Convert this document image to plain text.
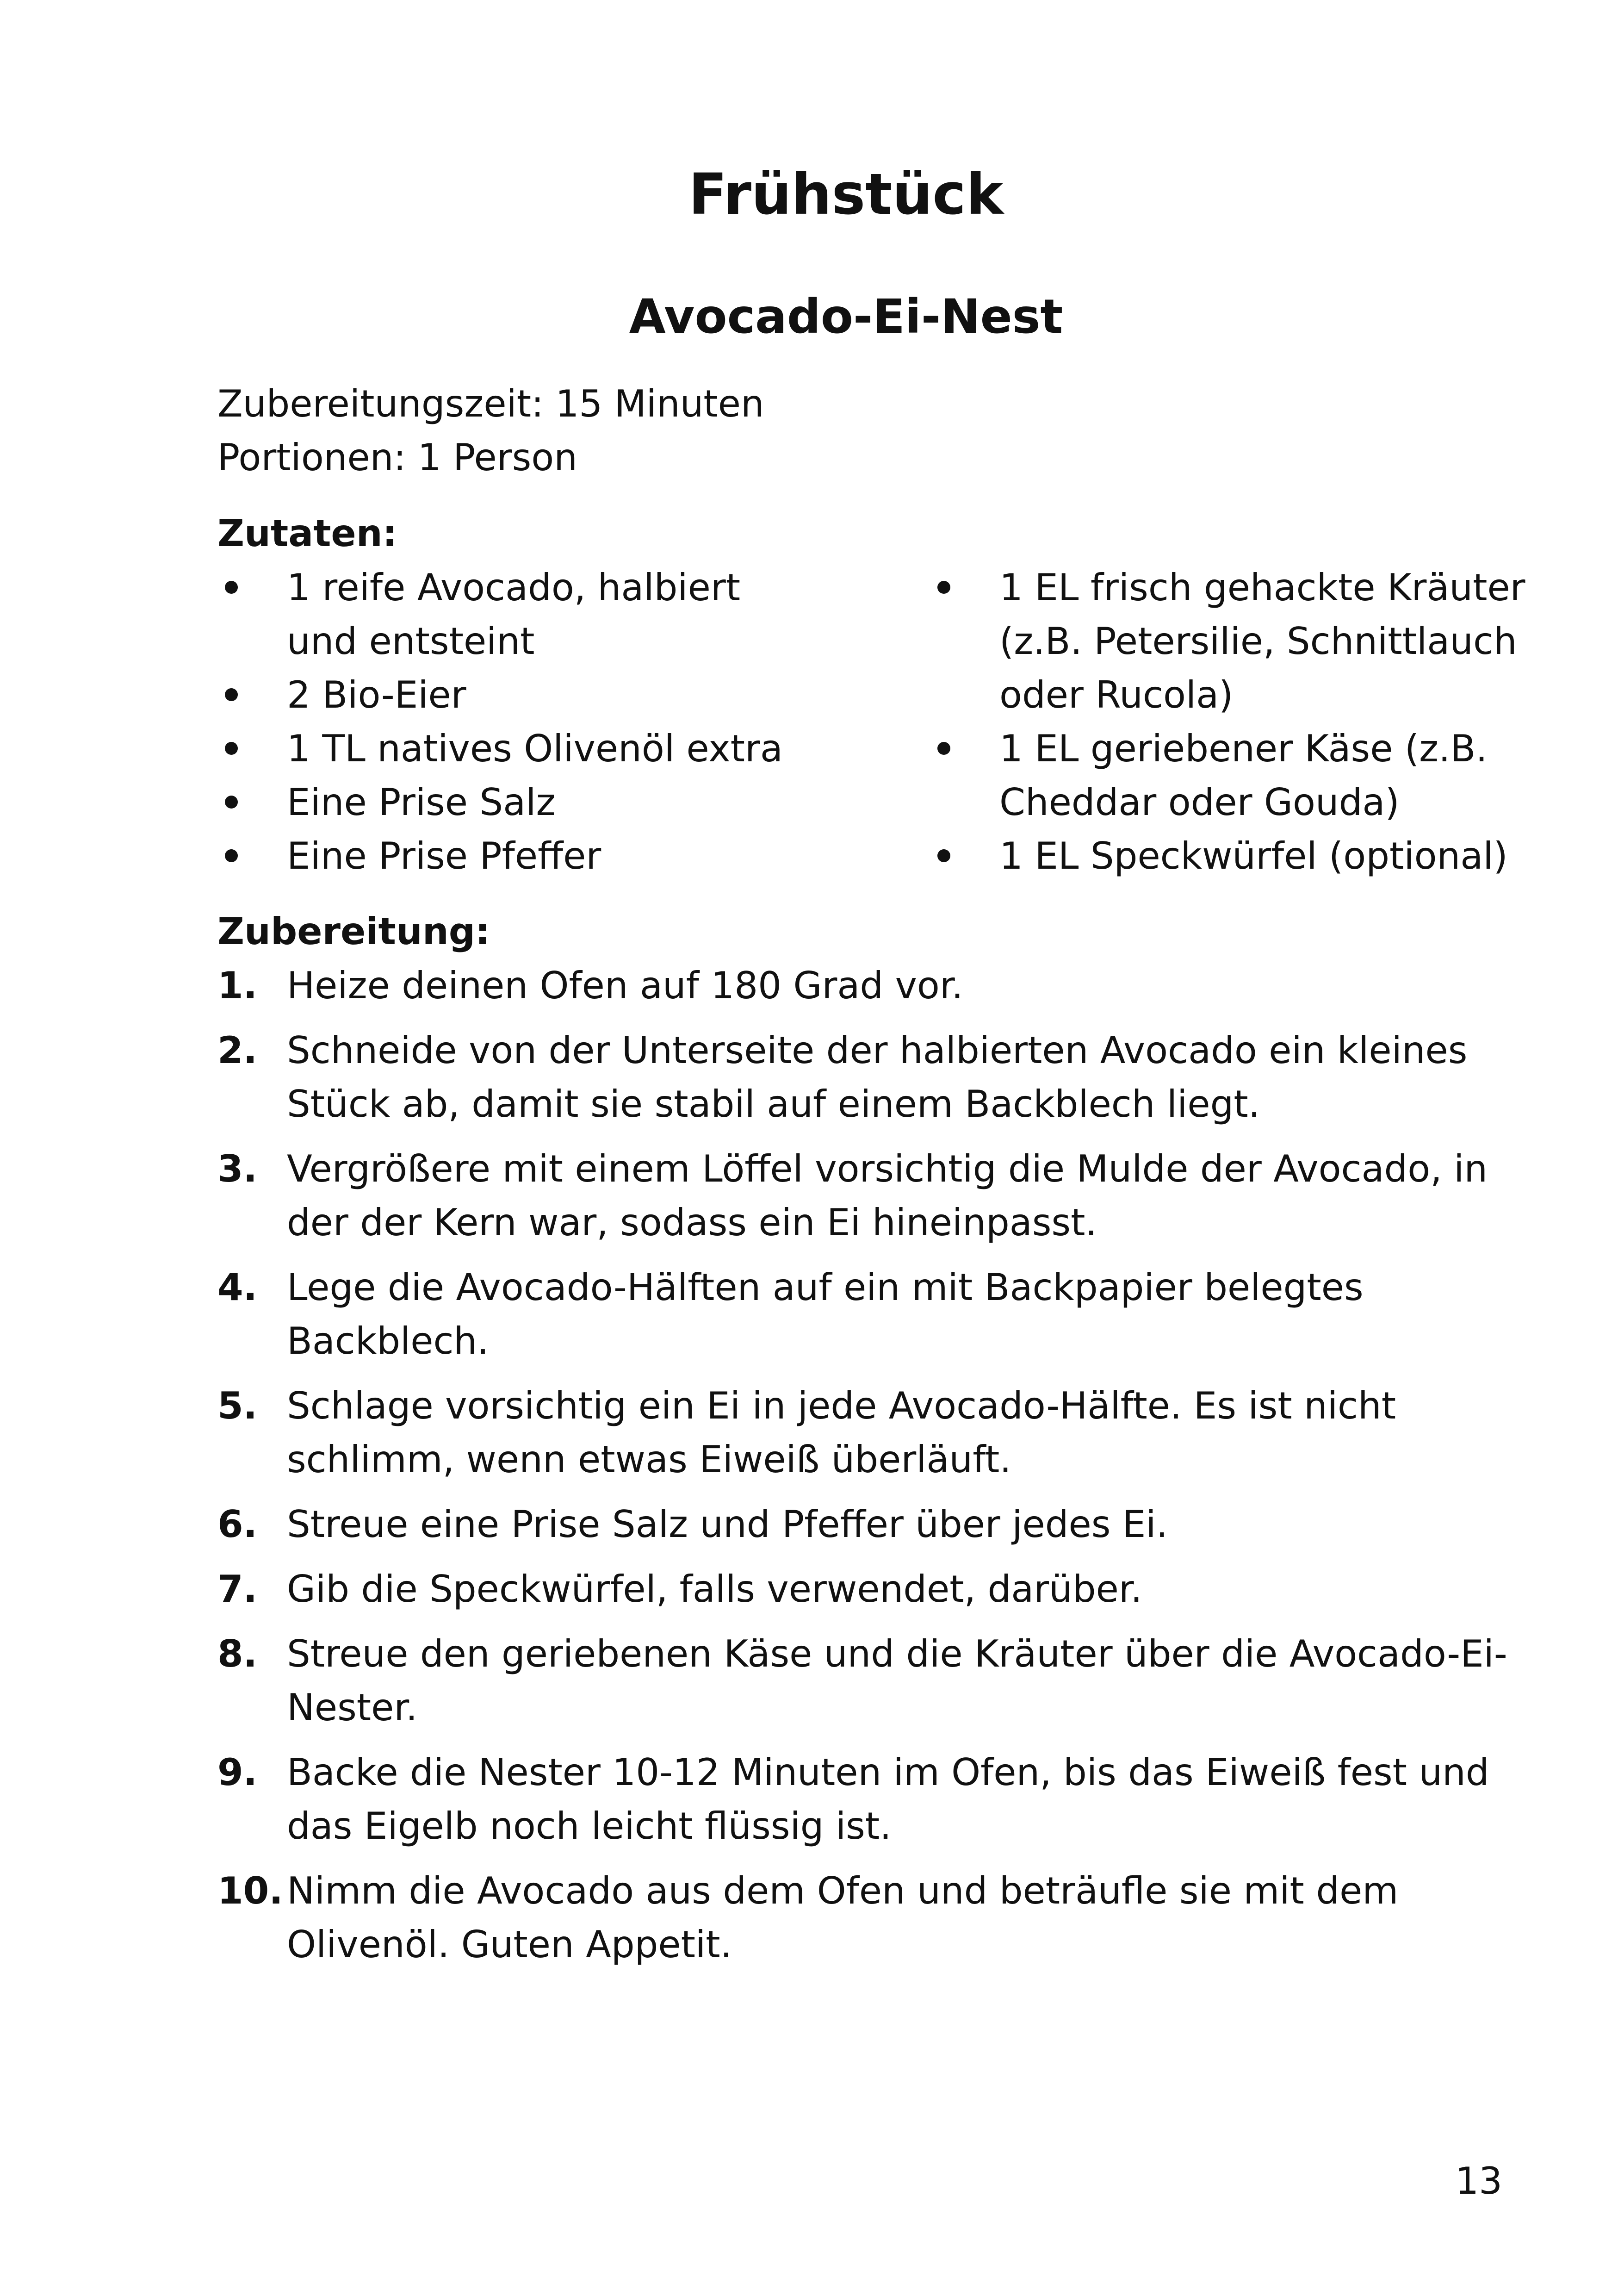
Frühstück
Avocado-Ei-Nest
Zubereitungszeit: 15 Minuten
Portionen: 1 Person
Zutaten:
1 reife Avocado, halbiert und entsteint
2 Bio-Eier
1 TL natives Olivenöl extra
Eine Prise Salz
Eine Prise Pfeffer
1 EL frisch gehackte Kräuter (z.B. Petersilie, Schnittlauch oder Rucola)
1 EL geriebener Käse (z.B. Cheddar oder Gouda)
1 EL Speckwürfel (optional)
Zubereitung:
1. Heize deinen Ofen auf 180 Grad vor.
2. Schneide von der Unterseite der halbierten Avocado ein kleines Stück ab, damit sie stabil auf einem Backblech liegt.
3. Vergrößere mit einem Löffel vorsichtig die Mulde der Avocado, in der der Kern war, sodass ein Ei hineinpasst.
4. Lege die Avocado-Hälften auf ein mit Backpapier belegtes Backblech.
5. Schlage vorsichtig ein Ei in jede Avocado-Hälfte. Es ist nicht schlimm, wenn etwas Eiweiß überläuft.
6. Streue eine Prise Salz und Pfeffer über jedes Ei.
7. Gib die Speckwürfel, falls verwendet, darüber.
8. Streue den geriebenen Käse und die Kräuter über die Avocado-Ei-Nester.
9. Backe die Nester 10-12 Minuten im Ofen, bis das Eiweiß fest und das Eigelb noch leicht flüssig ist.
10. Nimm die Avocado aus dem Ofen und beträufle sie mit dem Olivenöl. Guten Appetit.
13
